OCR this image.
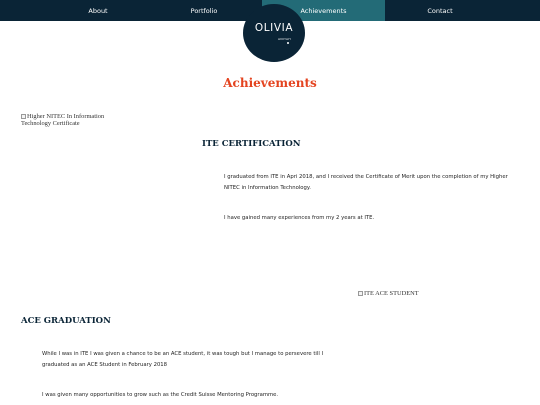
About	Portfolio	Achievements	Contact
OLIVIA
ANIYAH
Achievements
Higher NITEC In Information Technology Certificate
ITE CERTIFICATION

I graduated from ITE in Apri 2018, and I received the Certificate of Merit upon the completion of my Higher NITEC in Information Technology.

I have gained many experiences from my 2 years at ITE.

ITE ACE STUDENT
ACE GRADUATION

While I was in ITE I was given a chance to be an ACE student, it was tough but I manage to persevere till I graduated as an ACE Student in February 2018

I was given many opportunities to grow such as the Credit Suisse Mentoring Programme.
